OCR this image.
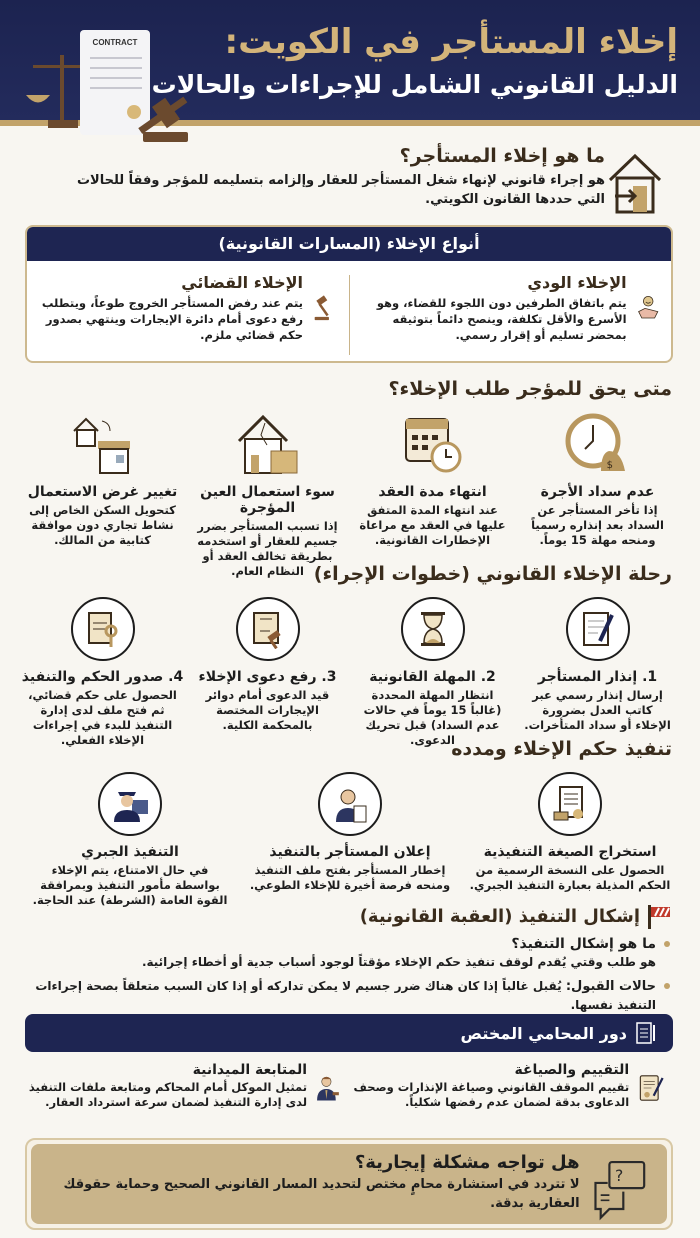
إخلاء المستأجر في الكويت:
الدليل القانوني الشامل للإجراءات والحالات
CONTRACT
ما هو إخلاء المستأجر؟

هو إجراء قانوني لإنهاء شغل المستأجر للعقار وإلزامه بتسليمه للمؤجر وفقاً للحالات التي حددها القانون الكويتي.

أنواع الإخلاء (المسارات القانونية)
الإخلاء الودي

يتم باتفاق الطرفين دون اللجوء للقضاء، وهو الأسرع والأقل تكلفة، وينصح دائماً بتوثيقه بمحضر تسليم أو إقرار رسمي.

الإخلاء القضائي

يتم عند رفض المستأجر الخروج طوعاً، ويتطلب رفع دعوى أمام دائرة الإيجارات وينتهي بصدور حكم قضائي ملزم.

متى يحق للمؤجر طلب الإخلاء؟
$
عدم سداد الأجرة

إذا تأخر المستأجر عن السداد بعد إنذاره رسمياً ومنحه مهلة 15 يوماً.

انتهاء مدة العقد

عند انتهاء المدة المتفق عليها في العقد مع مراعاة الإخطارات القانونية.

سوء استعمال العين المؤجرة

إذا تسبب المستأجر بضرر جسيم للعقار أو استخدمه بطريقة تخالف العقد أو النظام العام.

تغيير غرض الاستعمال

كتحويل السكن الخاص إلى نشاط تجاري دون موافقة كتابية من المالك.

رحلة الإخلاء القانوني (خطوات الإجراء)
1. إنذار المستأجر

إرسال إنذار رسمي عبر كاتب العدل بضرورة الإخلاء أو سداد المتأخرات.

2. المهلة القانونية

انتظار المهلة المحددة (غالباً 15 يوماً في حالات عدم السداد) قبل تحريك الدعوى.

3. رفع دعوى الإخلاء

قيد الدعوى أمام دوائر الإيجارات المختصة بالمحكمة الكلية.

4. صدور الحكم والتنفيذ

الحصول على حكم قضائي، ثم فتح ملف لدى إدارة التنفيذ للبدء في إجراءات الإخلاء الفعلي.	تنفيذ حكم الإخلاء ومدده
استخراج الصيغة التنفيذية

الحصول على النسخة الرسمية من الحكم المذيلة بعبارة التنفيذ الجبري.

إعلان المستأجر بالتنفيذ

إخطار المستأجر بفتح ملف التنفيذ ومنحه فرصة أخيرة للإخلاء الطوعي.

التنفيذ الجبري

في حال الامتناع، يتم الإخلاء بواسطة مأمور التنفيذ وبمرافقة القوة العامة (الشرطة) عند الحاجة.

إشكال التنفيذ (العقبة القانونية)
ما هو إشكال التنفيذ؟
هو طلب وقتي يُقدم لوقف تنفيذ حكم الإخلاء مؤقتاً لوجود أسباب جدية أو أخطاء إجرائية.
حالات القبول: يُقبل غالباً إذا كان هناك ضرر جسيم لا يمكن تداركه أو إذا كان السبب متعلقاً بصحة إجراءات التنفيذ نفسها.
دور المحامي المختص
التقييم والصياغة

تقييم الموقف القانوني وصياغة الإنذارات وصحف الدعاوى بدقة لضمان عدم رفضها شكلياً.

المتابعة الميدانية

تمثيل الموكل أمام المحاكم ومتابعة ملفات التنفيذ لدى إدارة التنفيذ لضمان سرعة استرداد العقار.

?
هل تواجه مشكلة إيجارية؟

لا تتردد في استشارة محامٍ مختص لتحديد المسار القانوني الصحيح وحماية حقوقك العقارية بدقة.
